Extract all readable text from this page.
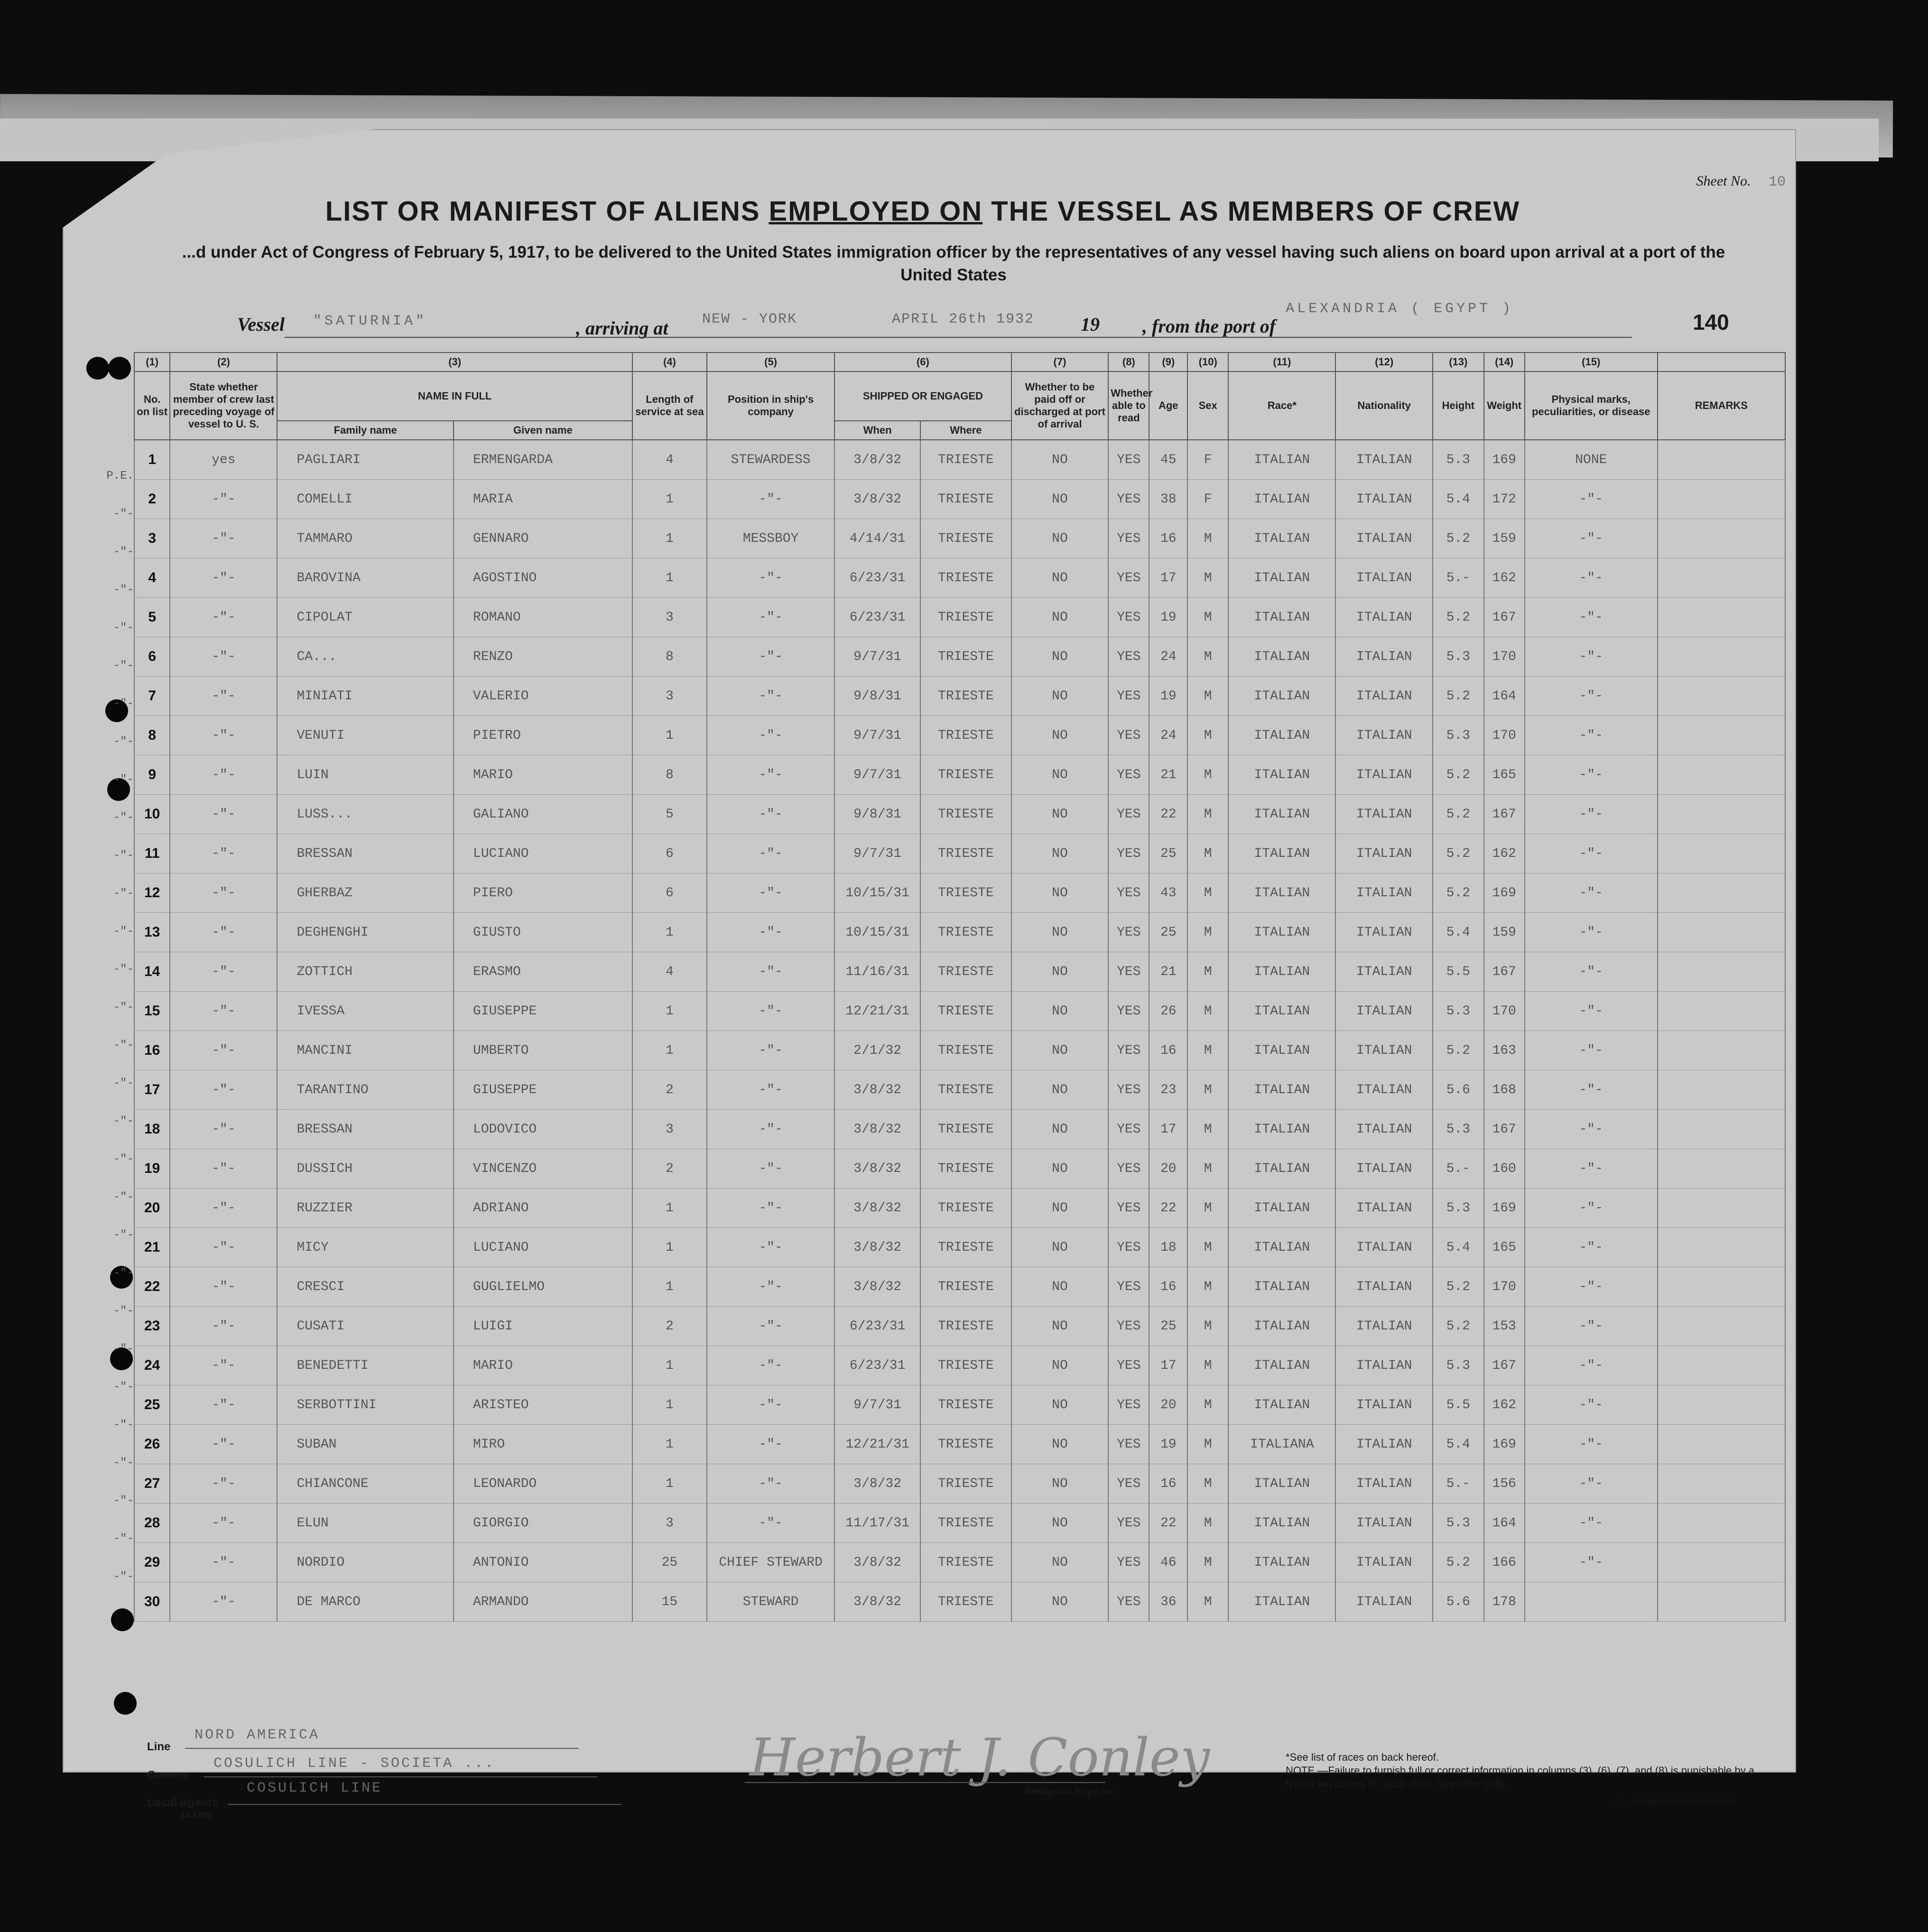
Sheet No. 10
LIST OR MANIFEST OF ALIENS EMPLOYED ON THE VESSEL AS MEMBERS OF CREW
...d under Act of Congress of February 5, 1917, to be delivered to the United States immigration officer by the representatives of any vessel having such aliens on board upon arrival at a port of the United States
Vessel "SATURNIA"	, arriving at NEW - YORK	APRIL 26th 1932 19 , from the port of
ALEXANDRIA ( EGYPT )
140
P.E.
-"-
-"-
-"-
-"-
-"-
-"-
-"-
-"-
-"-
-"-
-"-
-"-
-"-
-"-
-"-
-"-
-"-
-"-
-"-
-"-
-"-
-"-
-"-
-"-
-"-
-"-
-"-
-"-
-"-
(1)	(2)	(3)		(4)	(5)	(6)		(7)	(8)	(9)	(10)	(11)	(12)	(13)	(14)	(15)	
No. on list	State whether member of crew last preceding voyage of vessel to U. S.	NAME IN FULL		Length of service at sea	Position in ship's company	SHIPPED OR ENGAGED		Whether to be paid off or discharged at port of arrival	Whether able to read	Age	Sex	Race*	Nationality	Height	Weight	Physical marks, peculiarities, or disease	REMARKS
		Family name	Given name			When	Where										
1	yes	PAGLIARI	ERMENGARDA	4	STEWARDESS	3/8/32	TRIESTE	NO	YES	45	F	ITALIAN	ITALIAN	5.3	169	NONE	
2	-"-	COMELLI	MARIA	1	-"-	3/8/32	TRIESTE	NO	YES	38	F	ITALIAN	ITALIAN	5.4	172	-"-	
3	-"-	TAMMARO	GENNARO	1	MESSBOY	4/14/31	TRIESTE	NO	YES	16	M	ITALIAN	ITALIAN	5.2	159	-"-	
4	-"-	BAROVINA	AGOSTINO	1	-"-	6/23/31	TRIESTE	NO	YES	17	M	ITALIAN	ITALIAN	5.-	162	-"-	
5	-"-	CIPOLAT	ROMANO	3	-"-	6/23/31	TRIESTE	NO	YES	19	M	ITALIAN	ITALIAN	5.2	167	-"-	
6	-"-	CA...	RENZO	8	-"-	9/7/31	TRIESTE	NO	YES	24	M	ITALIAN	ITALIAN	5.3	170	-"-	
7	-"-	MINIATI	VALERIO	3	-"-	9/8/31	TRIESTE	NO	YES	19	M	ITALIAN	ITALIAN	5.2	164	-"-	
8	-"-	VENUTI	PIETRO	1	-"-	9/7/31	TRIESTE	NO	YES	24	M	ITALIAN	ITALIAN	5.3	170	-"-	
9	-"-	LUIN	MARIO	8	-"-	9/7/31	TRIESTE	NO	YES	21	M	ITALIAN	ITALIAN	5.2	165	-"-	
10	-"-	LUSS...	GALIANO	5	-"-	9/8/31	TRIESTE	NO	YES	22	M	ITALIAN	ITALIAN	5.2	167	-"-	
11	-"-	BRESSAN	LUCIANO	6	-"-	9/7/31	TRIESTE	NO	YES	25	M	ITALIAN	ITALIAN	5.2	162	-"-	
12	-"-	GHERBAZ	PIERO	6	-"-	10/15/31	TRIESTE	NO	YES	43	M	ITALIAN	ITALIAN	5.2	169	-"-	
13	-"-	DEGHENGHI	GIUSTO	1	-"-	10/15/31	TRIESTE	NO	YES	25	M	ITALIAN	ITALIAN	5.4	159	-"-	
14	-"-	ZOTTICH	ERASMO	4	-"-	11/16/31	TRIESTE	NO	YES	21	M	ITALIAN	ITALIAN	5.5	167	-"-	
15	-"-	IVESSA	GIUSEPPE	1	-"-	12/21/31	TRIESTE	NO	YES	26	M	ITALIAN	ITALIAN	5.3	170	-"-	
16	-"-	MANCINI	UMBERTO	1	-"-	2/1/32	TRIESTE	NO	YES	16	M	ITALIAN	ITALIAN	5.2	163	-"-	
17	-"-	TARANTINO	GIUSEPPE	2	-"-	3/8/32	TRIESTE	NO	YES	23	M	ITALIAN	ITALIAN	5.6	168	-"-	
18	-"-	BRESSAN	LODOVICO	3	-"-	3/8/32	TRIESTE	NO	YES	17	M	ITALIAN	ITALIAN	5.3	167	-"-	
19	-"-	DUSSICH	VINCENZO	2	-"-	3/8/32	TRIESTE	NO	YES	20	M	ITALIAN	ITALIAN	5.-	160	-"-	
20	-"-	RUZZIER	ADRIANO	1	-"-	3/8/32	TRIESTE	NO	YES	22	M	ITALIAN	ITALIAN	5.3	169	-"-	
21	-"-	MICY	LUCIANO	1	-"-	3/8/32	TRIESTE	NO	YES	18	M	ITALIAN	ITALIAN	5.4	165	-"-	
22	-"-	CRESCI	GUGLIELMO	1	-"-	3/8/32	TRIESTE	NO	YES	16	M	ITALIAN	ITALIAN	5.2	170	-"-	
23	-"-	CUSATI	LUIGI	2	-"-	6/23/31	TRIESTE	NO	YES	25	M	ITALIAN	ITALIAN	5.2	153	-"-	
24	-"-	BENEDETTI	MARIO	1	-"-	6/23/31	TRIESTE	NO	YES	17	M	ITALIAN	ITALIAN	5.3	167	-"-	
25	-"-	SERBOTTINI	ARISTEO	1	-"-	9/7/31	TRIESTE	NO	YES	20	M	ITALIAN	ITALIAN	5.5	162	-"-	
26	-"-	SUBAN	MIRO	1	-"-	12/21/31	TRIESTE	NO	YES	19	M	ITALIANA	ITALIAN	5.4	169	-"-	
27	-"-	CHIANCONE	LEONARDO	1	-"-	3/8/32	TRIESTE	NO	YES	16	M	ITALIAN	ITALIAN	5.-	156	-"-	
28	-"-	ELUN	GIORGIO	3	-"-	11/17/31	TRIESTE	NO	YES	22	M	ITALIAN	ITALIAN	5.3	164	-"-	
29	-"-	NORDIO	ANTONIO	25	CHIEF STEWARD	3/8/32	TRIESTE	NO	YES	46	M	ITALIAN	ITALIAN	5.2	166	-"-	
30	-"-	DE MARCO	ARMANDO	15	STEWARD	3/8/32	TRIESTE	NO	YES	36	M	ITALIAN	ITALIAN	5.6	178		
Line
NORD AMERICA
Owners
COSULICH LINE - SOCIETA ...
Local Agents
COSULICH LINE
14-1240
Herbert J. Conley
Immigrant Inspector.
*See list of races on back hereof.
NOTE.—Failure to furnish full or correct information in columns (3), (6), (7), and (8) is punishable by a fine of ten dollars for each alien. See other side.
U. S. GOVERNMENT PRINTING OFFICE: 1930
